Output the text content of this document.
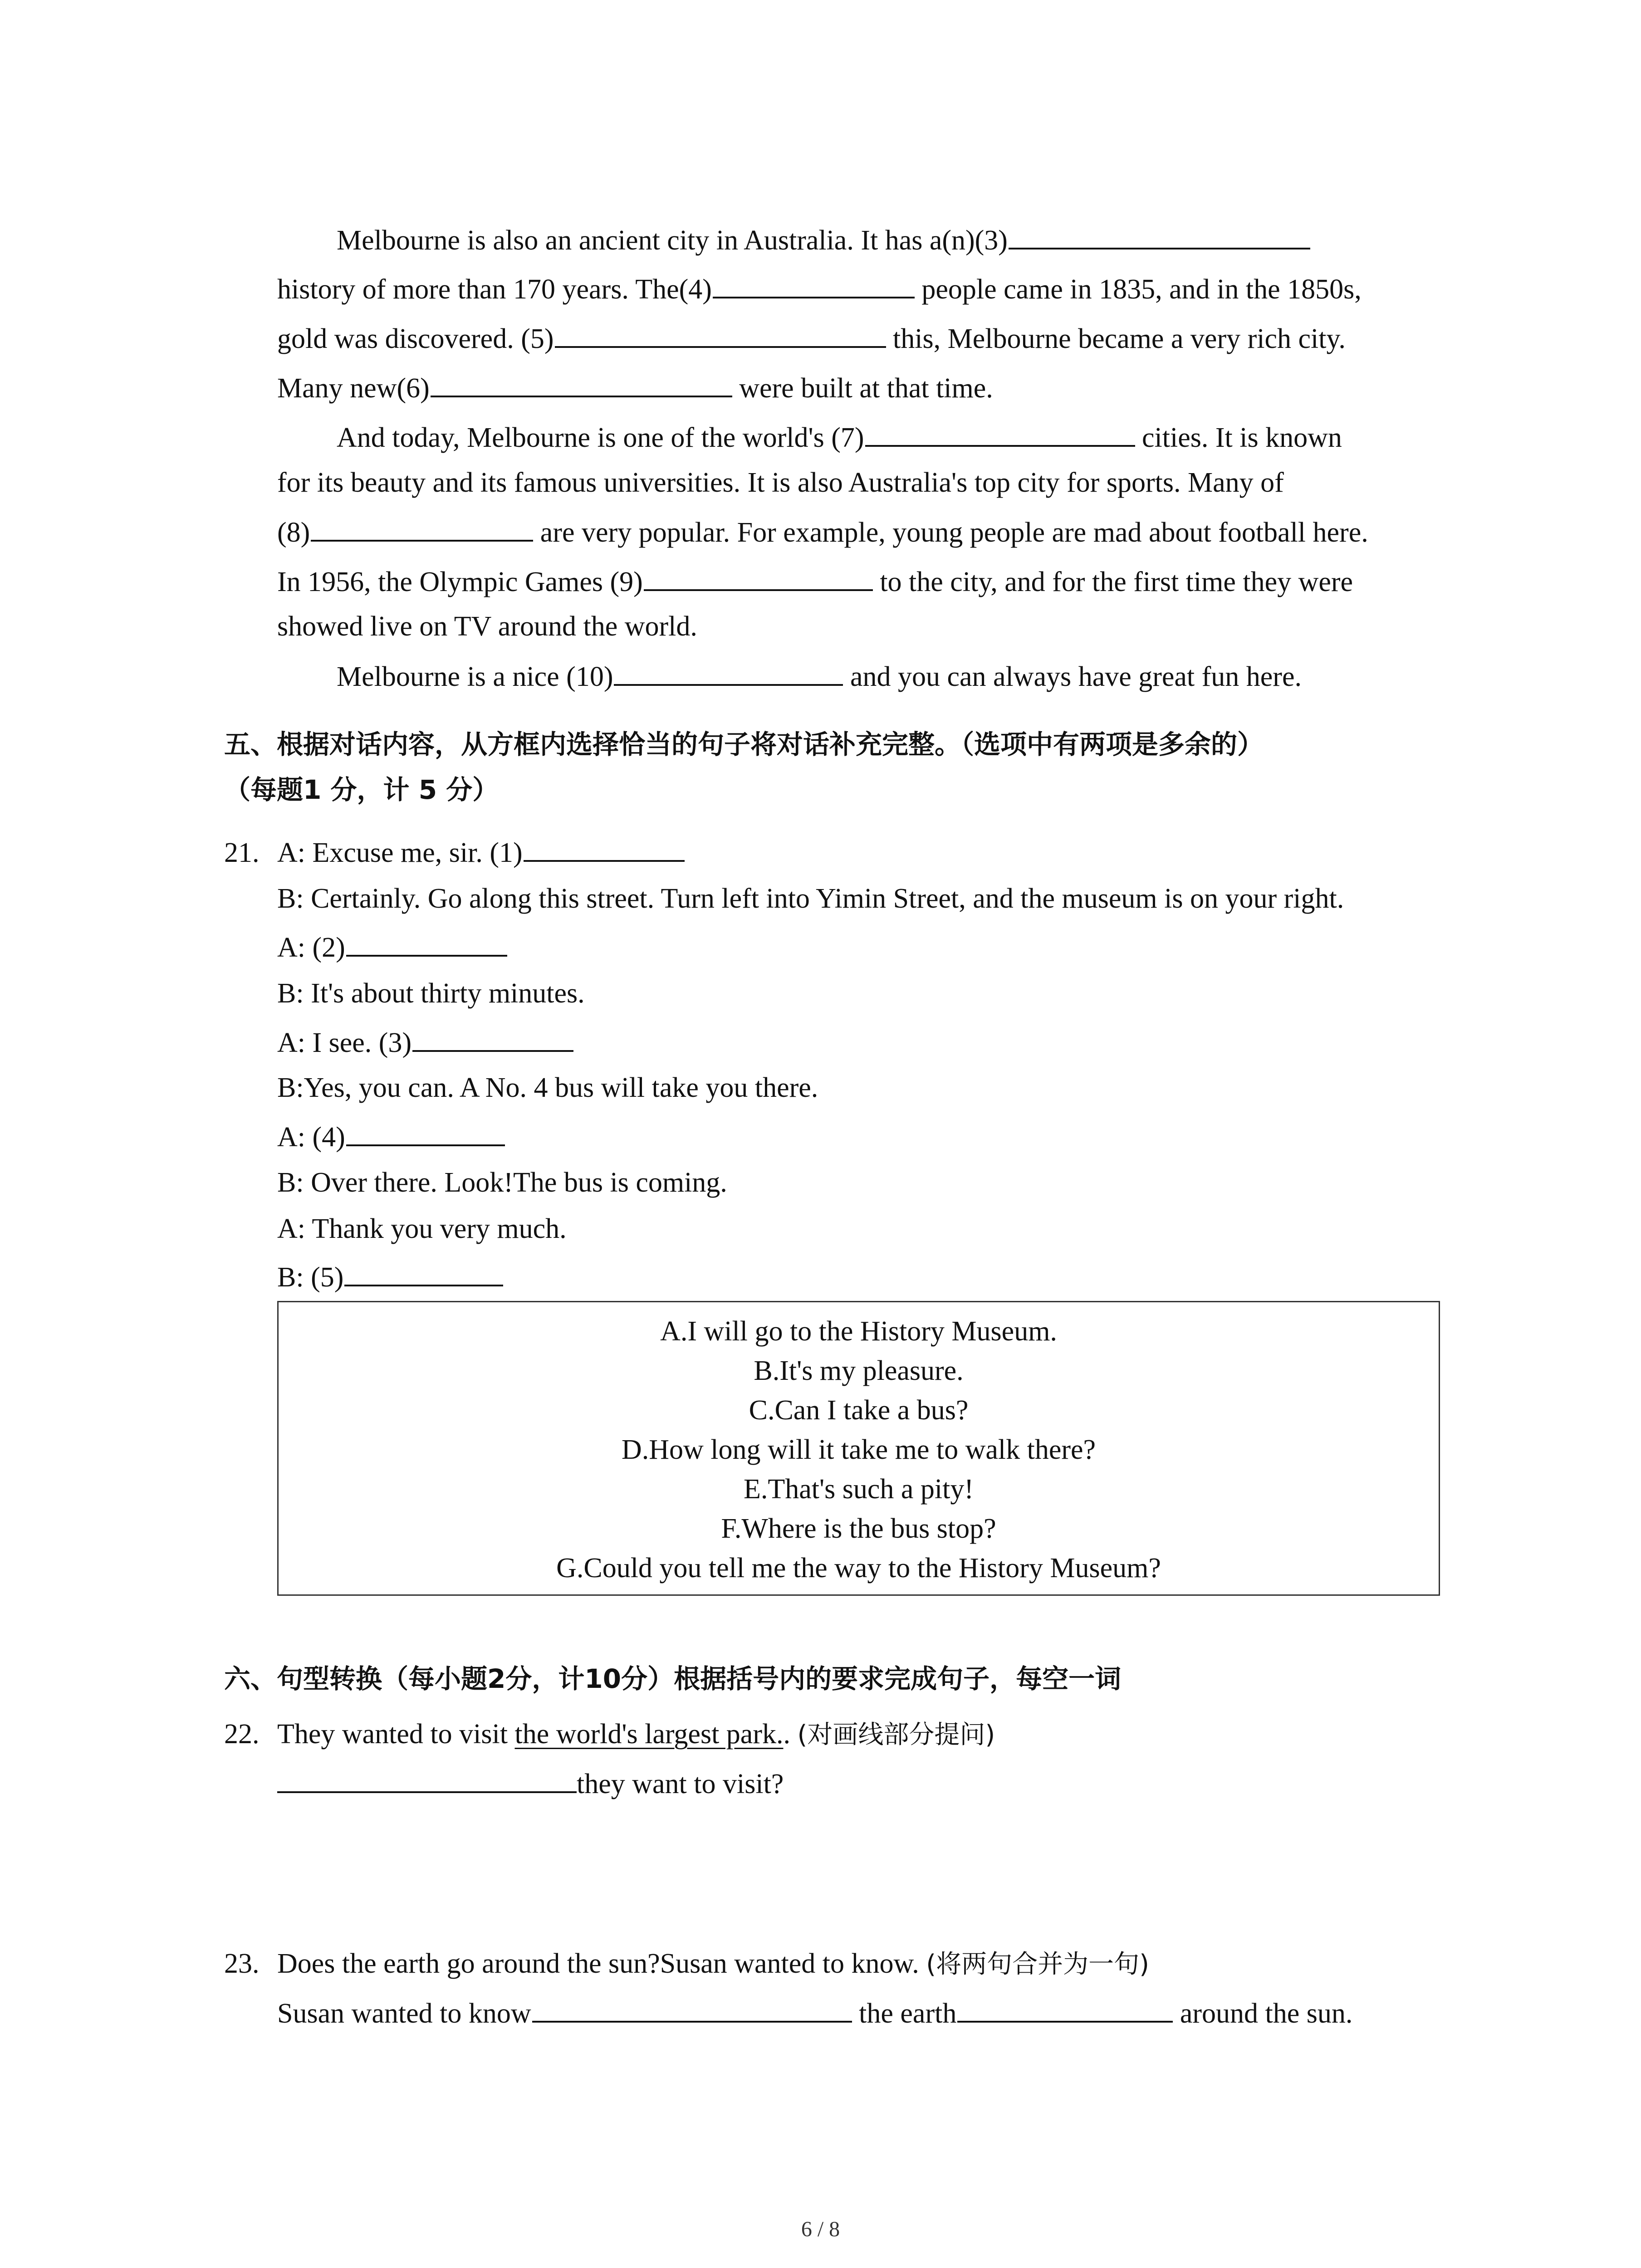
Melbourne is also an ancient city in Australia. It has a(n)(3)
history of more than 170 years. The(4)	people came in 1835, and in the 1850s,
gold was discovered. (5)	this, Melbourne became a very rich city.
Many new(6)	were built at that time.
And today, Melbourne is one of the world's (7)	cities. It is known
for its beauty and its famous universities. It is also Australia's top city for sports. Many of
(8)	are very popular. For example, young people are mad about football here.
In 1956, the Olympic Games (9)	to the city, and for the first time they were
showed live on TV around the world.
Melbourne is a nice (10)	and you can always have great fun here.
五、根据对话内容，从方框内选择恰当的句子将对话补充完整。（选项中有两项是多余的）
（每题1 分，计 5 分）
21. A: Excuse me, sir. (1)
B: Certainly. Go along this street. Turn left into Yimin Street, and the museum is on your right.
A: (2)
B: It's about thirty minutes.
A: I see. (3)
B:Yes, you can. A No. 4 bus will take you there.
A: (4)
B: Over there. Look!The bus is coming.
A: Thank you very much.
B: (5)
A.I will go to the History Museum.
B.It's my pleasure.
C.Can I take a bus?
D.How long will it take me to walk there?
E.That's such a pity!
F.Where is the bus stop?
G.Could you tell me the way to the History Museum?
六、句型转换（每小题2分，计10分）根据括号内的要求完成句子，每空一词
22. They wanted to visit the world's largest park.. (对画线部分提问)
they want to visit?
23. Does the earth go around the sun?Susan wanted to know. (将两句合并为一句)
Susan wanted to know	the earth	around the sun.
6 / 8
